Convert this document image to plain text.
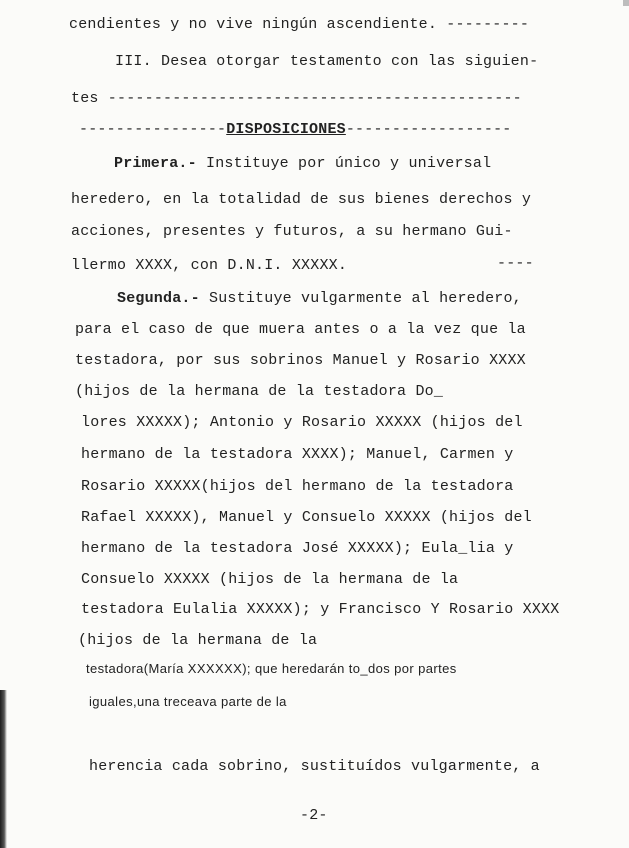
cendientes y no vive ningún ascendiente. ---------
III. Desea otorgar testamento con las siguien-
tes ---------------------------------------------
----------------DISPOSICIONES------------------
Primera.- Instituye por único y universal
heredero, en la totalidad de sus bienes derechos y
acciones, presentes y futuros, a su hermano Gui-
llermo XXXX, con D.N.I. XXXXX.	----
Segunda.- Sustituye vulgarmente al heredero,
para el caso de que muera antes o a la vez que la
testadora, por sus sobrinos Manuel y Rosario XXXX
(hijos de la hermana de la testadora Do_
lores XXXXX); Antonio y Rosario XXXXX (hijos del
hermano de la testadora XXXX); Manuel, Carmen y
Rosario XXXXX(hijos del hermano de la testadora
Rafael XXXXX), Manuel y Consuelo XXXXX (hijos del
hermano de la testadora José XXXXX); Eula_lia y
Consuelo XXXXX (hijos de la hermana de la
testadora Eulalia XXXXX); y Francisco Y Rosario XXXX
(hijos de la hermana de la
testadora(María XXXXXX); que heredarán to_dos por partes
iguales,una treceava parte de la
herencia cada sobrino, sustituídos vulgarmente, a
-2-
